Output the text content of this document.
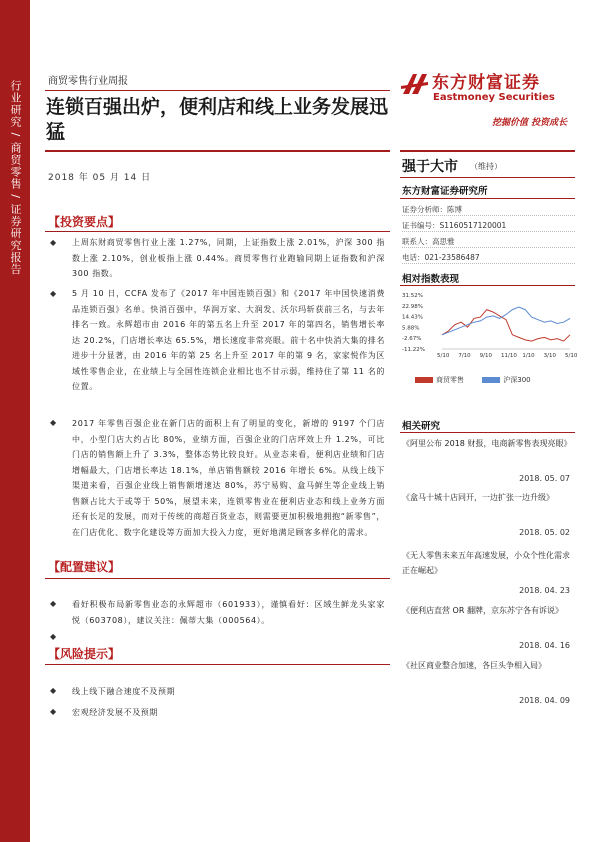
行业研究 / 商贸零售 / 证券研究报告	商贸零售行业周报
连锁百强出炉，便利店和线上业务发展迅猛
2018 年 05 月 14 日
东方财富证券
Eastmoney Securities
挖掘价值 投资成长
强于大市 （维持）
东方财富证券研究所
证券分析师：陈博
证书编号：S1160517120001
联系人：高思雅
电话：021-23586487
相对指数表现
31.52%
22.98%
14.43%
5.88%
-2.67%
-11.22%
5/10 7/10 9/10 11/10 1/10 3/10 5/10
商贸零售	沪深300
相关研究
《阿里公布 2018 财报，电商新零售表现亮眼》
2018. 05. 07
《盒马十城十店同开，一边扩张一边升级》
2018. 05. 02
《无人零售未来五年高速发展，小众个性化需求正在崛起》
2018. 04. 23
《便利店直营 OR 翻牌，京东苏宁各有诉说》
2018. 04. 16
《社区商业整合加速，各巨头争相入局》
2018. 04. 09
【投资要点】
◆ 上周东财商贸零售行业上涨 1.27%，同期，上证指数上涨 2.01%，沪深 300 指数上涨 2.10%，创业板指上涨 0.44%。商贸零售行业跑输同期上证指数和沪深 300 指数。
◆ 5 月 10 日，CCFA 发布了《2017 年中国连锁百强》和《2017 年中国快速消费品连锁百强》名单。快消百强中，华润万家、大润发、沃尔玛斩获前三名，与去年排名一致。永辉超市由 2016 年的第五名上升至 2017 年的第四名，销售增长率达 20.2%，门店增长率达 65.5%，增长速度非常亮眼。前十名中快消大集的排名进步十分显著，由 2016 年的第 25 名上升至 2017 年的第 9 名，家家悦作为区域性零售企业，在业绩上与全国性连锁企业相比也不甘示弱，维持住了第 11 名的位置。
◆ 2017 年零售百强企业在新门店的面积上有了明显的变化，新增的 9197 个门店中，小型门店大约占比 80%，业绩方面，百强企业的门店坪效上升 1.2%，可比门店的销售额上升了 3.3%，整体态势比较良好。从业态来看，便利店业绩和门店增幅最大，门店增长率达 18.1%，单店销售额较 2016 年增长 6%。从线上线下渠道来看，百强企业线上销售额增速达 80%，苏宁易购、盒马鲜生等企业线上销售额占比大于或等于 50%，展望未来，连锁零售业在便利店业态和线上业务方面还有长足的发展，而对于传统的商超百货业态，则需要更加积极地拥抱“新零售”，在门店优化、数字化建设等方面加大投入力度，更好地满足顾客多样化的需求。
【配置建议】
◆ 看好积极布局新零售业态的永辉超市（601933），谨慎看好：区域生鲜龙头家家悦（603708），建议关注：佩蒂大集（000564）。
◆
【风险提示】
◆ 线上线下融合速度不及预期
◆ 宏观经济发展不及预期
